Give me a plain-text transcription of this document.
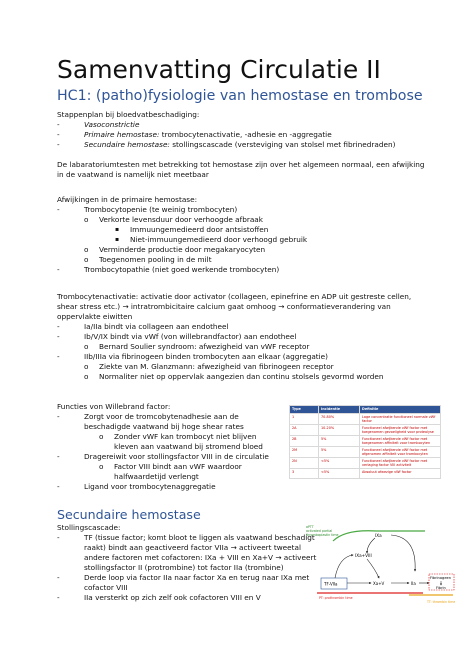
Samenvatting Circulatie II
HC1: (patho)fysiologie van hemostase en trombose
Stappenplan bij bloedvatbeschadiging:
-	Vasoconstrictie
-	Primaire hemostase: trombocytenactivatie, -adhesie en -aggregatie
-	Secundaire hemostase: stollingscascade (versteviging van stolsel met fibrinedraden)
De labaratoriumtesten met betrekking tot hemostase zijn over het algemeen normaal, een afwijking
in de vaatwand is namelijk niet meetbaar
Afwijkingen in de primaire hemostase:
-	Trombocytopenie (te weinig trombocyten)
o Verkorte levensduur door verhoogde afbraak
▪ Immuungemedieerd door antsistoffen
▪ Niet-immuungemedieerd door verhoogd gebruik
o Verminderde productie door megakaryocyten
o Toegenomen pooling in de milt
-	Trombocytopathie (niet goed werkende trombocyten)
Trombocytenactivatie: activatie door activator (collageen, epinefrine en ADP uit gestreste cellen,
shear stress etc.) → intratrombicitaire calcium gaat omhoog → conformatieverandering van
oppervlakte eiwitten
-	Ia/IIa bindt via collageen aan endotheel
-	Ib/V/IX bindt via vWf (von willebrandfactor) aan endotheel
o Bernard Soulier syndroom: afwezigheid van vWF receptor
-	IIb/IIIa via fibrinogeen binden trombocyten aan elkaar (aggregatie)
o Ziekte van M. Glanzmann: afwezigheid van fibrinogeen receptor
o Normaliter niet op oppervlak aangezien dan continu stolsels gevormd worden
Functies von Willebrand factor:
-	Zorgt voor de tromcobytenadhesie aan de beschadigde vaatwand bij hoge shear rates
o Zonder vWF kan trombocyt niet blijven kleven aan vaatwand bij stromend bloed
-	Dragereiwit voor stollingsfactor VIII in de circulatie
o Factor VIII bindt aan vWF waardoor halfwaardetijd verlengt
-	Ligand voor trombocytenaggregatie
Type	Incidentie	Definitie
1	70-80%	Lage concentratie functioneel normale vWf factor
2A	10-20%	Functioneel afwijkende vWf factor met toegenomen gevoeligheid voor proteolyse
2B	5%	Functioneel afwijkende vWf factor met toegenomen affiniteit voor trombocyten
2M	5%	Functioneel afwijkende vWf factor met afgenomen affiniteit voor trombocyten
2N	<5%	Functioneel afwijkende vWf factor met verlaging factor VIII activiteit
3	<5%	Absoluut afwezige vWf factor
Secundaire hemostase
Stollingscascade:
-	TF (tissue factor; komt bloot te liggen als vaatwand beschadigt
raakt) bindt aan geactiveerd factor VIIa → activeert tweetal
andere factoren met cofactoren: IXa + VIII en Xa+V → activeert
stollingsfactor II (protrombine) tot factor IIa (trombine)
-	Derde loop via factor IIa naar factor Xa en terug naar IXa met
cofactor VIII
-	IIa versterkt op zich zelf ook cofactoren VIII en V
aPTT
activated partial
thromboplastin time	IXa
IXa+VIII
TF-VIIa	Xa+V	IIa
Fibrinogeen
Fibrin
PT: prothrombin time
TT: thrombin time
